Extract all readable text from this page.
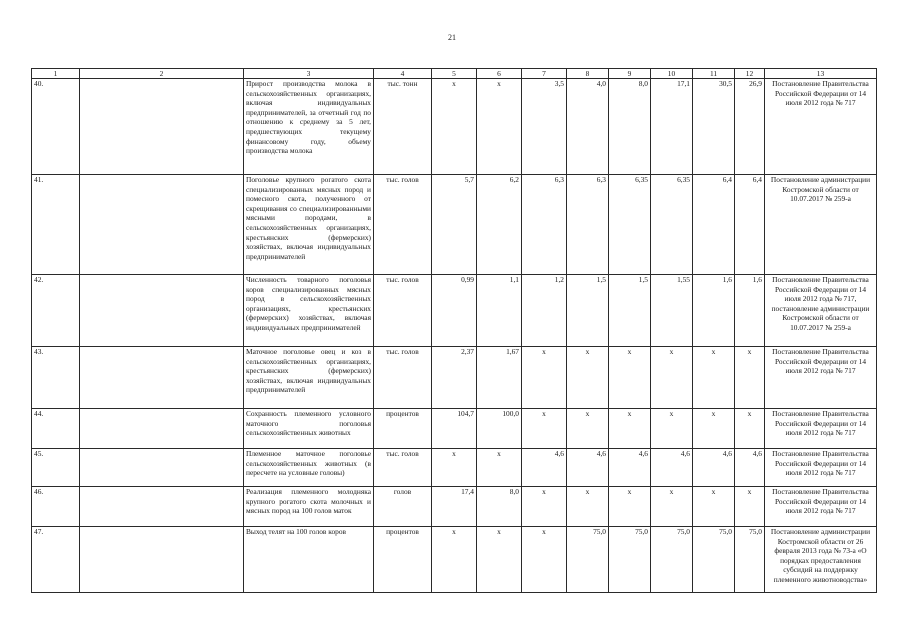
21
1	2	3	4	5	6	7	8	9	10	11	12	13
40.		Прирост производства молока в сельскохозяйственных организациях, включая индивидуальных предпринимателей, за отчетный год по отношению к среднему за 5 лет, предшествующих текущему финансовому году, объему производства молока	тыс. тонн	x	x	3,5	4,0	8,0	17,1	30,5	26,9	Постановление Правительства Российской Федерации от 14 июля 2012 года № 717
41.		Поголовье крупного рогатого скота специализированных мясных пород и помесного скота, полученного от скрещивания со специализированными мясными породами, в сельскохозяйственных организациях, крестьянских (фермерских) хозяйствах, включая индивидуальных предпринимателей	тыс. голов	5,7	6,2	6,3	6,3	6,35	6,35	6,4	6,4	Постановление администрации Костромской области от 10.07.2017 № 259-а
42.		Численность товарного поголовья коров специализированных мясных пород в сельскохозяйственных организациях, крестьянских (фермерских) хозяйствах, включая индивидуальных предпринимателей	тыс. голов	0,99	1,1	1,2	1,5	1,5	1,55	1,6	1,6	Постановление Правительства Российской Федерации от 14 июля 2012 года № 717, постановление администрации Костромской области от 10.07.2017 № 259-а
43.		Маточное поголовье овец и коз в сельскохозяйственных организациях, крестьянских (фермерских) хозяйствах, включая индивидуальных предпринимателей	тыс. голов	2,37	1,67	x	x	x	x	x	x	Постановление Правительства Российской Федерации от 14 июля 2012 года № 717
44.		Сохранность племенного условного маточного поголовья сельскохозяйственных животных	процентов	104,7	100,0	x	x	x	x	x	x	Постановление Правительства Российской Федерации от 14 июля 2012 года № 717
45.		Племенное маточное поголовье сельскохозяйственных животных (в пересчете на условные головы)	тыс. голов	x	x	4,6	4,6	4,6	4,6	4,6	4,6	Постановление Правительства Российской Федерации от 14 июля 2012 года № 717
46.		Реализация племенного молодняка крупного рогатого скота молочных и мясных пород на 100 голов маток	голов	17,4	8,0	x	x	x	x	x	x	Постановление Правительства Российской Федерации от 14 июля 2012 года № 717
47.		Выход телят на 100 голов коров	процентов	x	x	x	75,0	75,0	75,0	75,0	75,0	Постановление администрации Костромской области от 26 февраля 2013 года № 73-а «О порядках предоставления субсидий на поддержку племенного животноводства»
